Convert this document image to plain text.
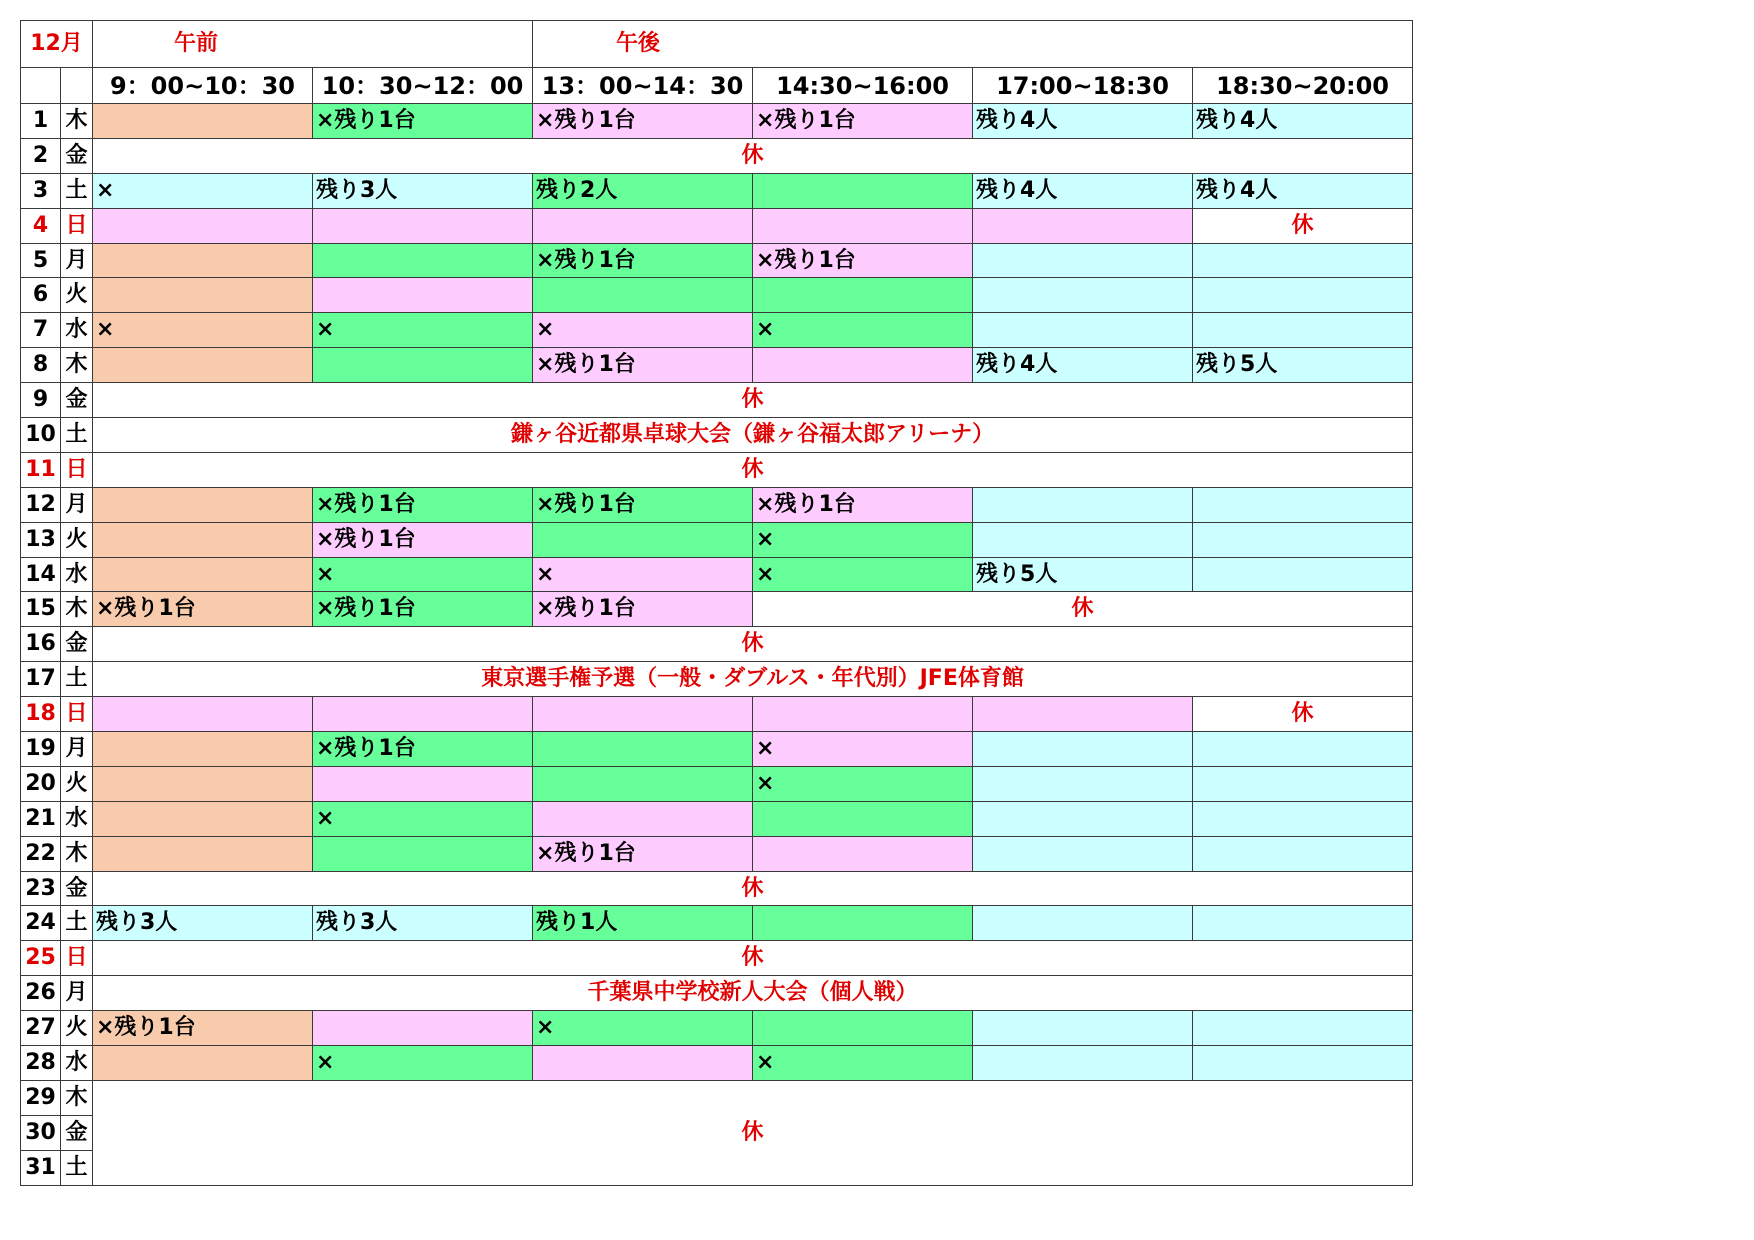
12月		午前		午後			
		9：00~10：30	10：30~12：00	13：00~14：30	14:30~16:00	17:00~18:30	18:30~20:00
1	木		×残り1台	×残り1台	×残り1台	残り4人	残り4人
2	金	休					
3	土	×	残り3人	残り2人		残り4人	残り4人
4	日						休
5	月			×残り1台	×残り1台		
6	火						
7	水	×	×	×	×		
8	木			×残り1台		残り4人	残り5人
9	金	休					
10	土	鎌ヶ谷近都県卓球大会（鎌ヶ谷福太郎アリーナ）					
11	日	休					
12	月		×残り1台	×残り1台	×残り1台		
13	火		×残り1台		×		
14	水		×	×	×	残り5人	
15	木	×残り1台	×残り1台	×残り1台	休		
16	金	休					
17	土	東京選手権予選（一般・ダブルス・年代別）JFE体育館					
18	日						休
19	月		×残り1台		×		
20	火				×		
21	水		×				
22	木			×残り1台			
23	金	休					
24	土	残り3人	残り3人	残り1人			
25	日	休					
26	月	千葉県中学校新人大会（個人戦）					
27	火	×残り1台		×			
28	水		×		×		
29	木	休					
30	金						
31	土						
